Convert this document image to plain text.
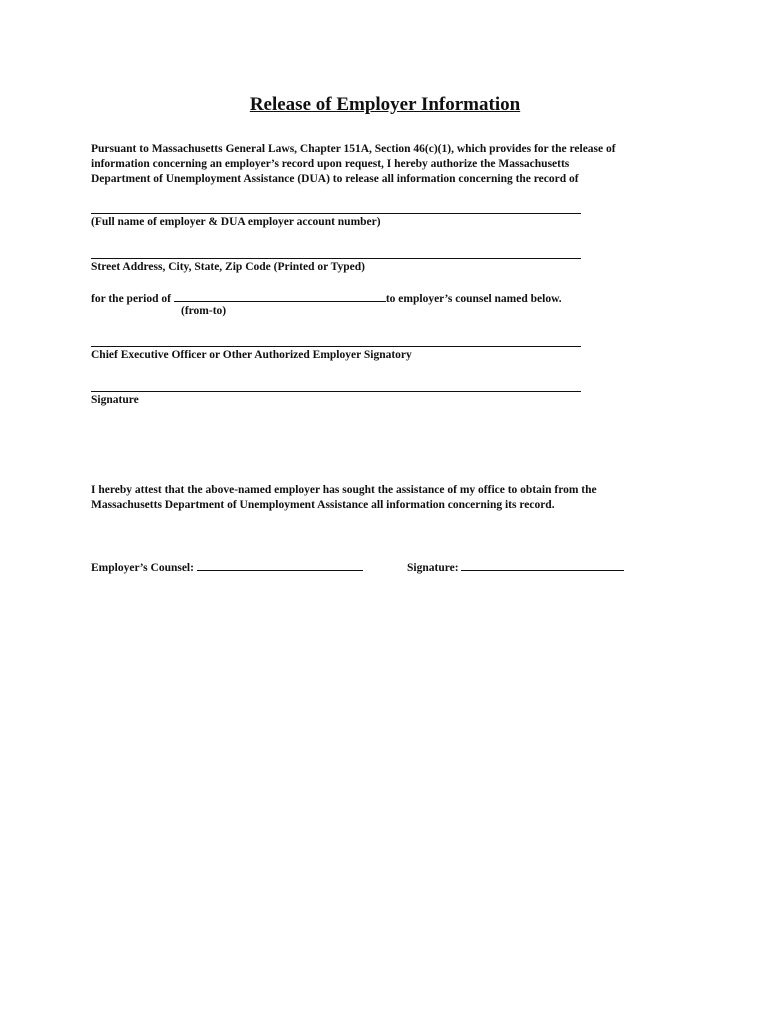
Release of Employer Information

Pursuant to Massachusetts General Laws, Chapter 151A, Section 46(c)(1), which provides for the release of

information concerning an employer’s record upon request, I hereby authorize the Massachusetts

Department of Unemployment Assistance (DUA) to release all information concerning the record of

(Full name of employer & DUA employer account number)

Street Address, City, State, Zip Code (Printed or Typed)

for the period of	to employer’s counsel named below.

(from-to)

Chief Executive Officer or Other Authorized Employer Signatory

Signature

I hereby attest that the above-named employer has sought the assistance of my office to obtain from the

Massachusetts Department of Unemployment Assistance all information concerning its record.

Employer’s Counsel:	Signature:
